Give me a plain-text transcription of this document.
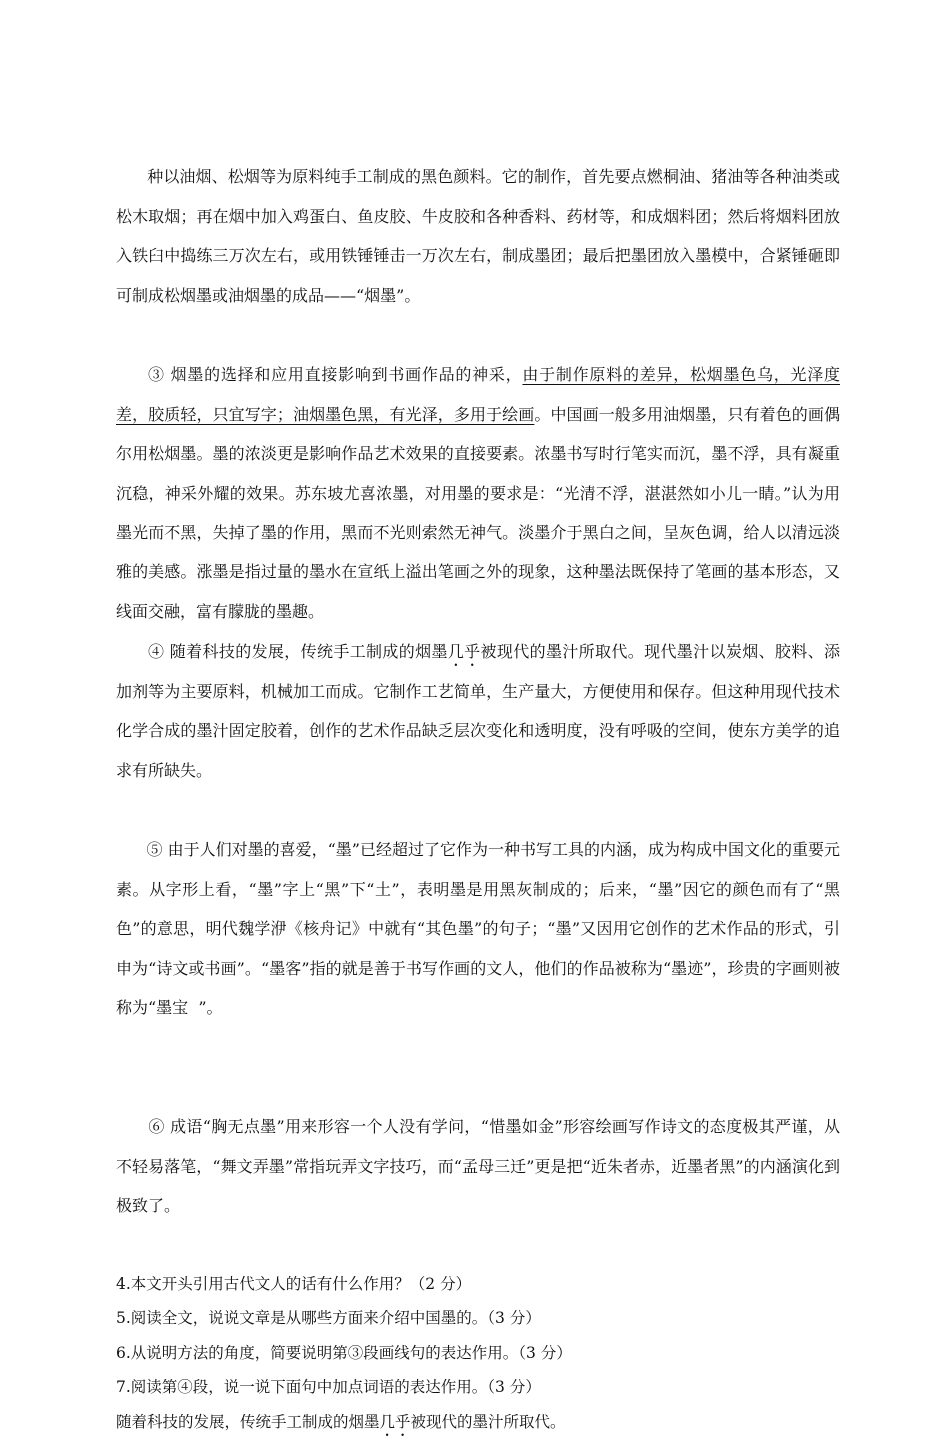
种以油烟、松烟等为原料纯手工制成的黑色颜料。它的制作，首先要点燃桐油、猪油等各种油类或松木取烟；再在烟中加入鸡蛋白、鱼皮胶、牛皮胶和各种香料、药材等，和成烟料团；然后将烟料团放入铁臼中捣练三万次左右，或用铁锤锤击一万次左右，制成墨团；最后把墨团放入墨模中，合紧锤砸即可制成松烟墨或油烟墨的成品——“烟墨”。

③ 烟墨的选择和应用直接影响到书画作品的神采，由于制作原料的差异，松烟墨色乌，光泽度差，胶质轻，只宜写字；油烟墨色黑，有光泽，多用于绘画。中国画一般多用油烟墨，只有着色的画偶尔用松烟墨。墨的浓淡更是影响作品艺术效果的直接要素。浓墨书写时行笔实而沉，墨不浮，具有凝重沉稳，神采外耀的效果。苏东坡尤喜浓墨，对用墨的要求是：“光清不浮，湛湛然如小儿一睛。”认为用墨光而不黑，失掉了墨的作用，黑而不光则索然无神气。淡墨介于黑白之间，呈灰色调，给人以清远淡雅的美感。涨墨是指过量的墨水在宣纸上溢出笔画之外的现象，这种墨法既保持了笔画的基本形态，又线面交融，富有朦胧的墨趣。

④ 随着科技的发展，传统手工制成的烟墨几乎被现代的墨汁所取代。现代墨汁以炭烟、胶料、添加剂等为主要原料，机械加工而成。它制作工艺简单，生产量大，方便使用和保存。但这种用现代技术化学合成的墨汁固定胶着，创作的艺术作品缺乏层次变化和透明度，没有呼吸的空间，使东方美学的追求有所缺失。

⑤ 由于人们对墨的喜爱，“墨”已经超过了它作为一种书写工具的内涵，成为构成中国文化的重要元素。从字形上看，“墨”字上“黑”下“土”，表明墨是用黑灰制成的；后来，“墨”因它的颜色而有了“黑色”的意思，明代魏学洢《核舟记》中就有“其色墨”的句子；“墨”又因用它创作的艺术作品的形式，引申为“诗文或书画”。“墨客”指的就是善于书写作画的文人，他们的作品被称为“墨迹”，珍贵的字画则被称为“墨宝  ”。

⑥ 成语“胸无点墨”用来形容一个人没有学问，“惜墨如金”形容绘画写作诗文的态度极其严谨，从不轻易落笔，“舞文弄墨”常指玩弄文字技巧，而“孟母三迁”更是把“近朱者赤，近墨者黑”的内涵演化到极致了。

4.本文开头引用古代文人的话有什么作用？（2 分）

5.阅读全文，说说文章是从哪些方面来介绍中国墨的。（3 分）

6.从说明方法的角度，简要说明第③段画线句的表达作用。（3 分）

7.阅读第④段，说一说下面句中加点词语的表达作用。（3 分）

随着科技的发展，传统手工制成的烟墨几乎被现代的墨汁所取代。
